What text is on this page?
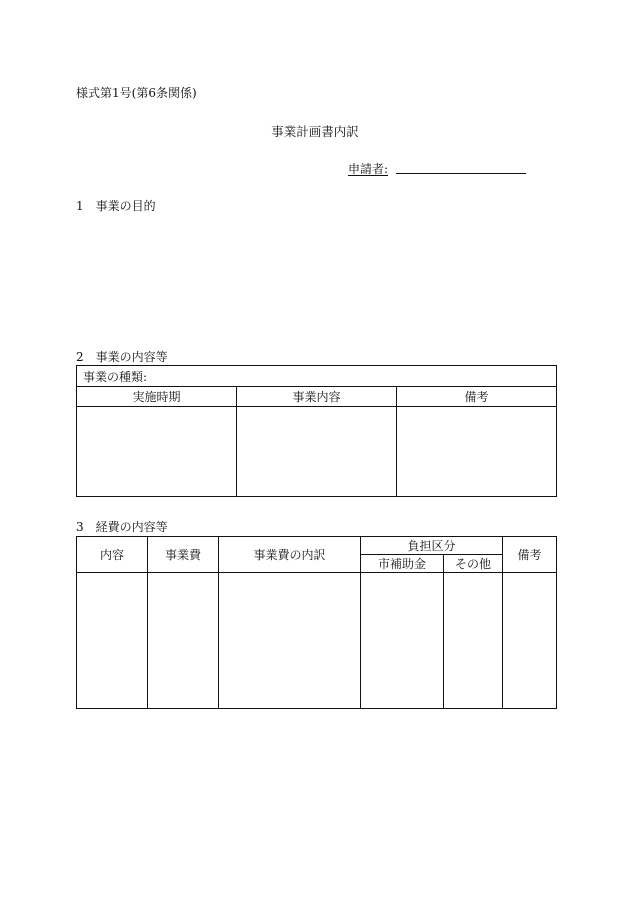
様式第1号(第6条関係)
事業計画書内訳
申請者:
1　事業の目的
2　事業の内容等
事業の種類:		
実施時期	事業内容	備考

3　経費の内容等
内容	事業費	事業費の内訳	負担区分		備考
			市補助金	その他	
